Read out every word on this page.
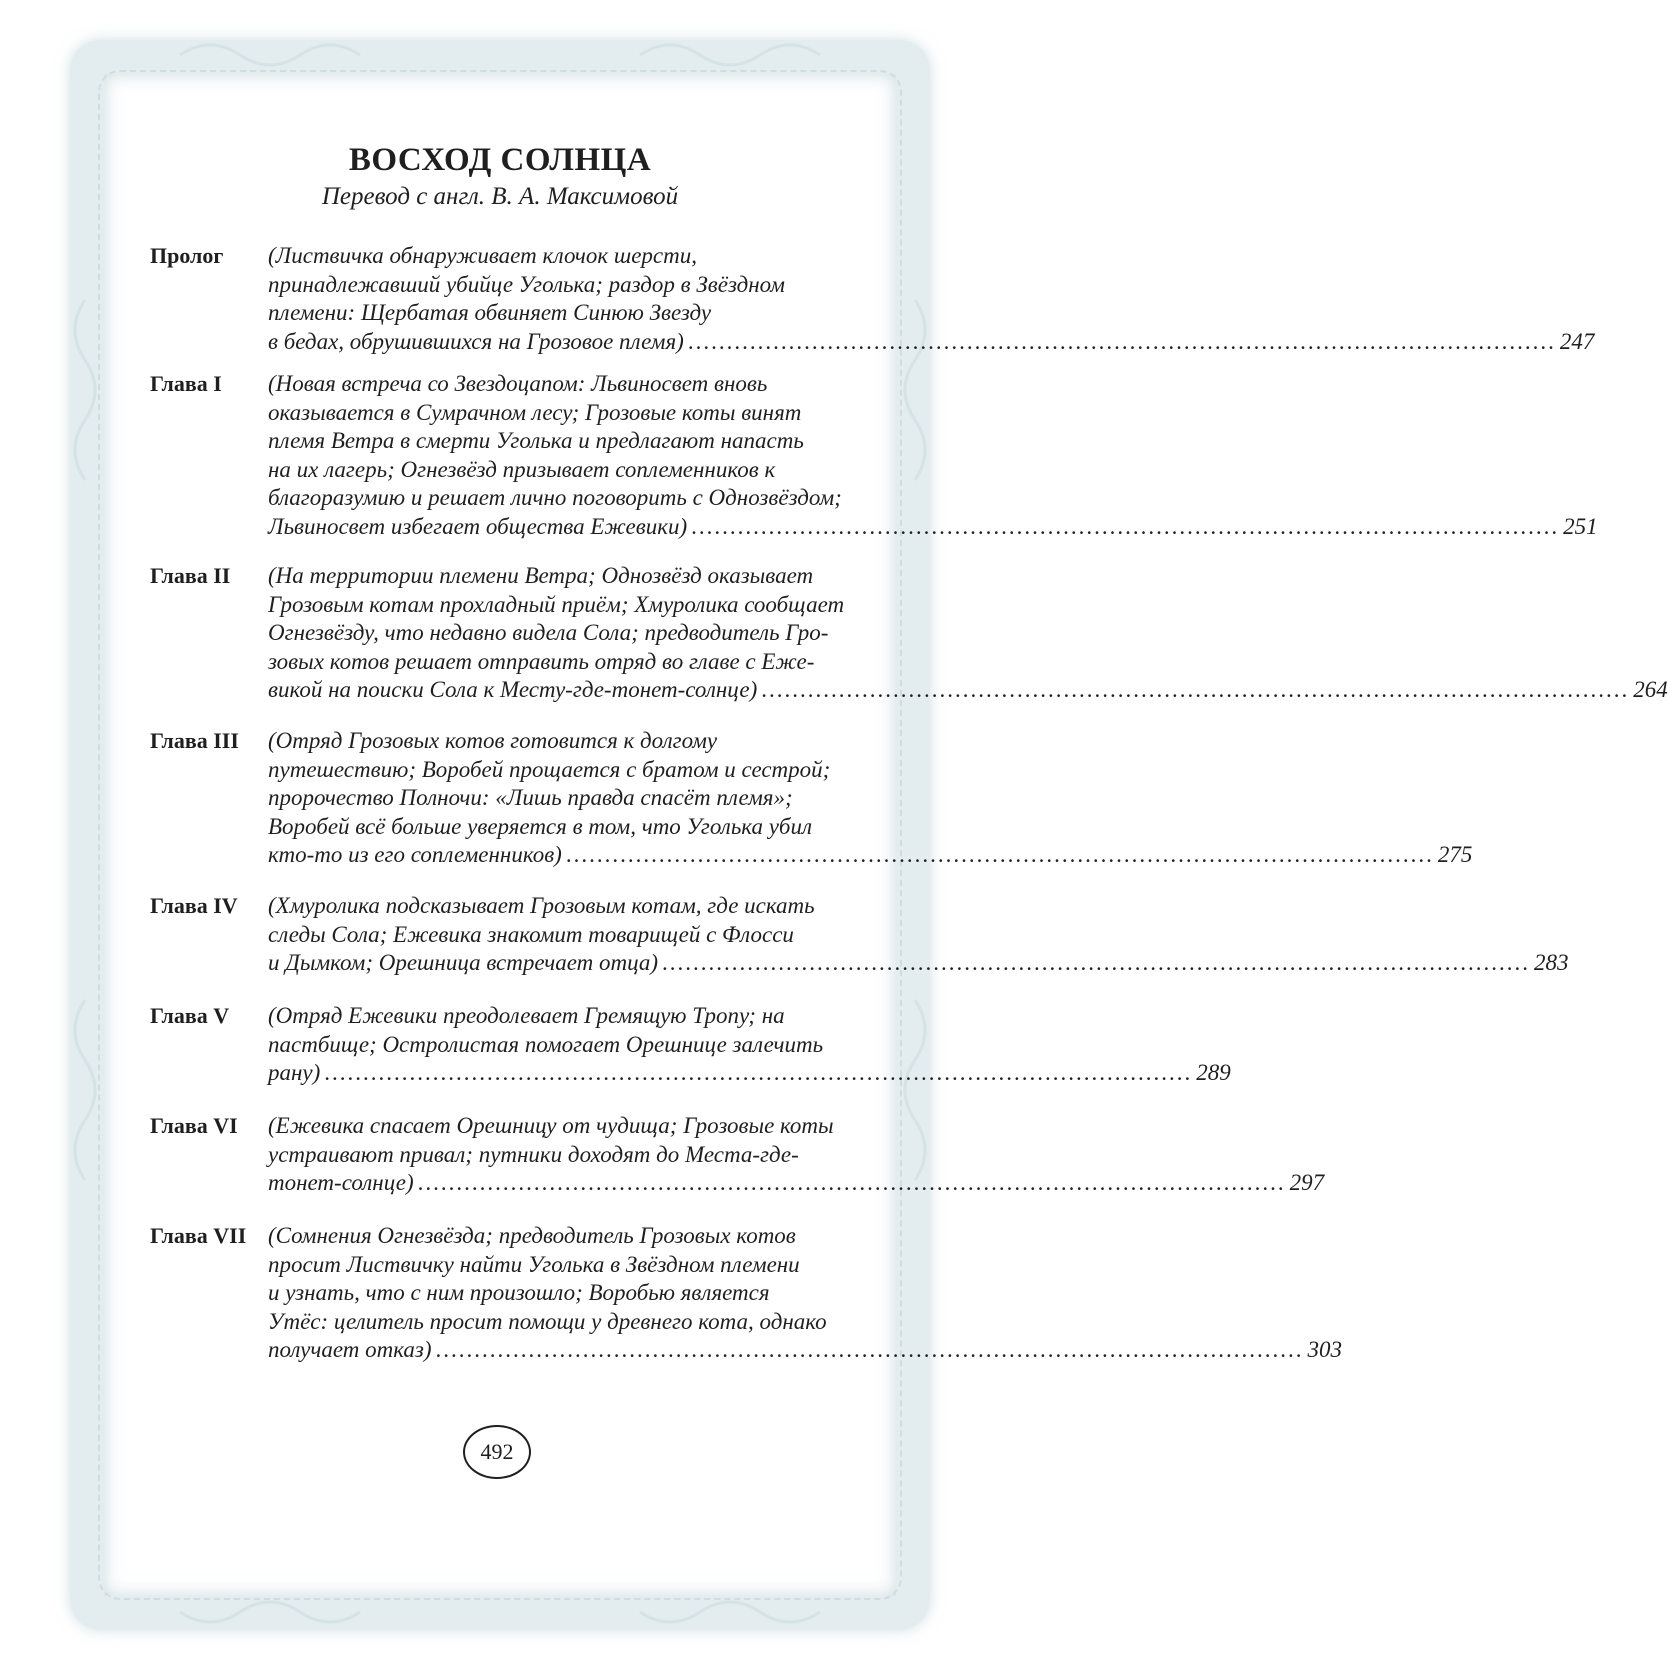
ВОСХОД СОЛНЦА
Перевод с англ. В. А. Максимовой
Пролог	(Листвичка обнаруживает клочок шерсти,
принадлежавший убийце Уголька; раздор в Звёздном
племени: Щербатая обвиняет Синюю Звезду
в бедах, обрушившихся на Грозовое племя) ................................................................................................................ 247
Глава I	(Новая встреча со Звездоцапом: Львиносвет вновь
оказывается в Сумрачном лесу; Грозовые коты винят
племя Ветра в смерти Уголька и предлагают напасть
на их лагерь; Огнезвёзд призывает соплеменников к
благоразумию и решает лично поговорить с Однозвёздом;
Львиносвет избегает общества Ежевики) ................................................................................................................ 251
Глава II	(На территории племени Ветра; Однозвёзд оказывает
Грозовым котам прохладный приём; Хмуролика сообщает
Огнезвёзду, что недавно видела Сола; предводитель Гро-
зовых котов решает отправить отряд во главе с Еже-
викой на поиски Сола к Месту-где-тонет-солнце) ................................................................................................................ 264
Глава III	(Отряд Грозовых котов готовится к долгому
путешествию; Воробей прощается с братом и сестрой;
пророчество Полночи: «Лишь правда спасёт племя»;
Воробей всё больше уверяется в том, что Уголька убил
кто-то из его соплеменников) ................................................................................................................ 275
Глава IV	(Хмуролика подсказывает Грозовым котам, где искать
следы Сола; Ежевика знакомит товарищей с Флосси
и Дымком; Орешница встречает отца) ................................................................................................................ 283
Глава V	(Отряд Ежевики преодолевает Гремящую Тропу; на
пастбище; Остролистая помогает Орешнице залечить
рану) ................................................................................................................ 289
Глава VI	(Ежевика спасает Орешницу от чудища; Грозовые коты
устраивают привал; путники доходят до Места-где-
тонет-солнце) ................................................................................................................ 297
Глава VII (Сомнения Огнезвёзда; предводитель Грозовых котов
просит Листвичку найти Уголька в Звёздном племени
и узнать, что с ним произошло; Воробью является
Утёс: целитель просит помощи у древнего кота, однако
получает отказ) ................................................................................................................ 303
492
